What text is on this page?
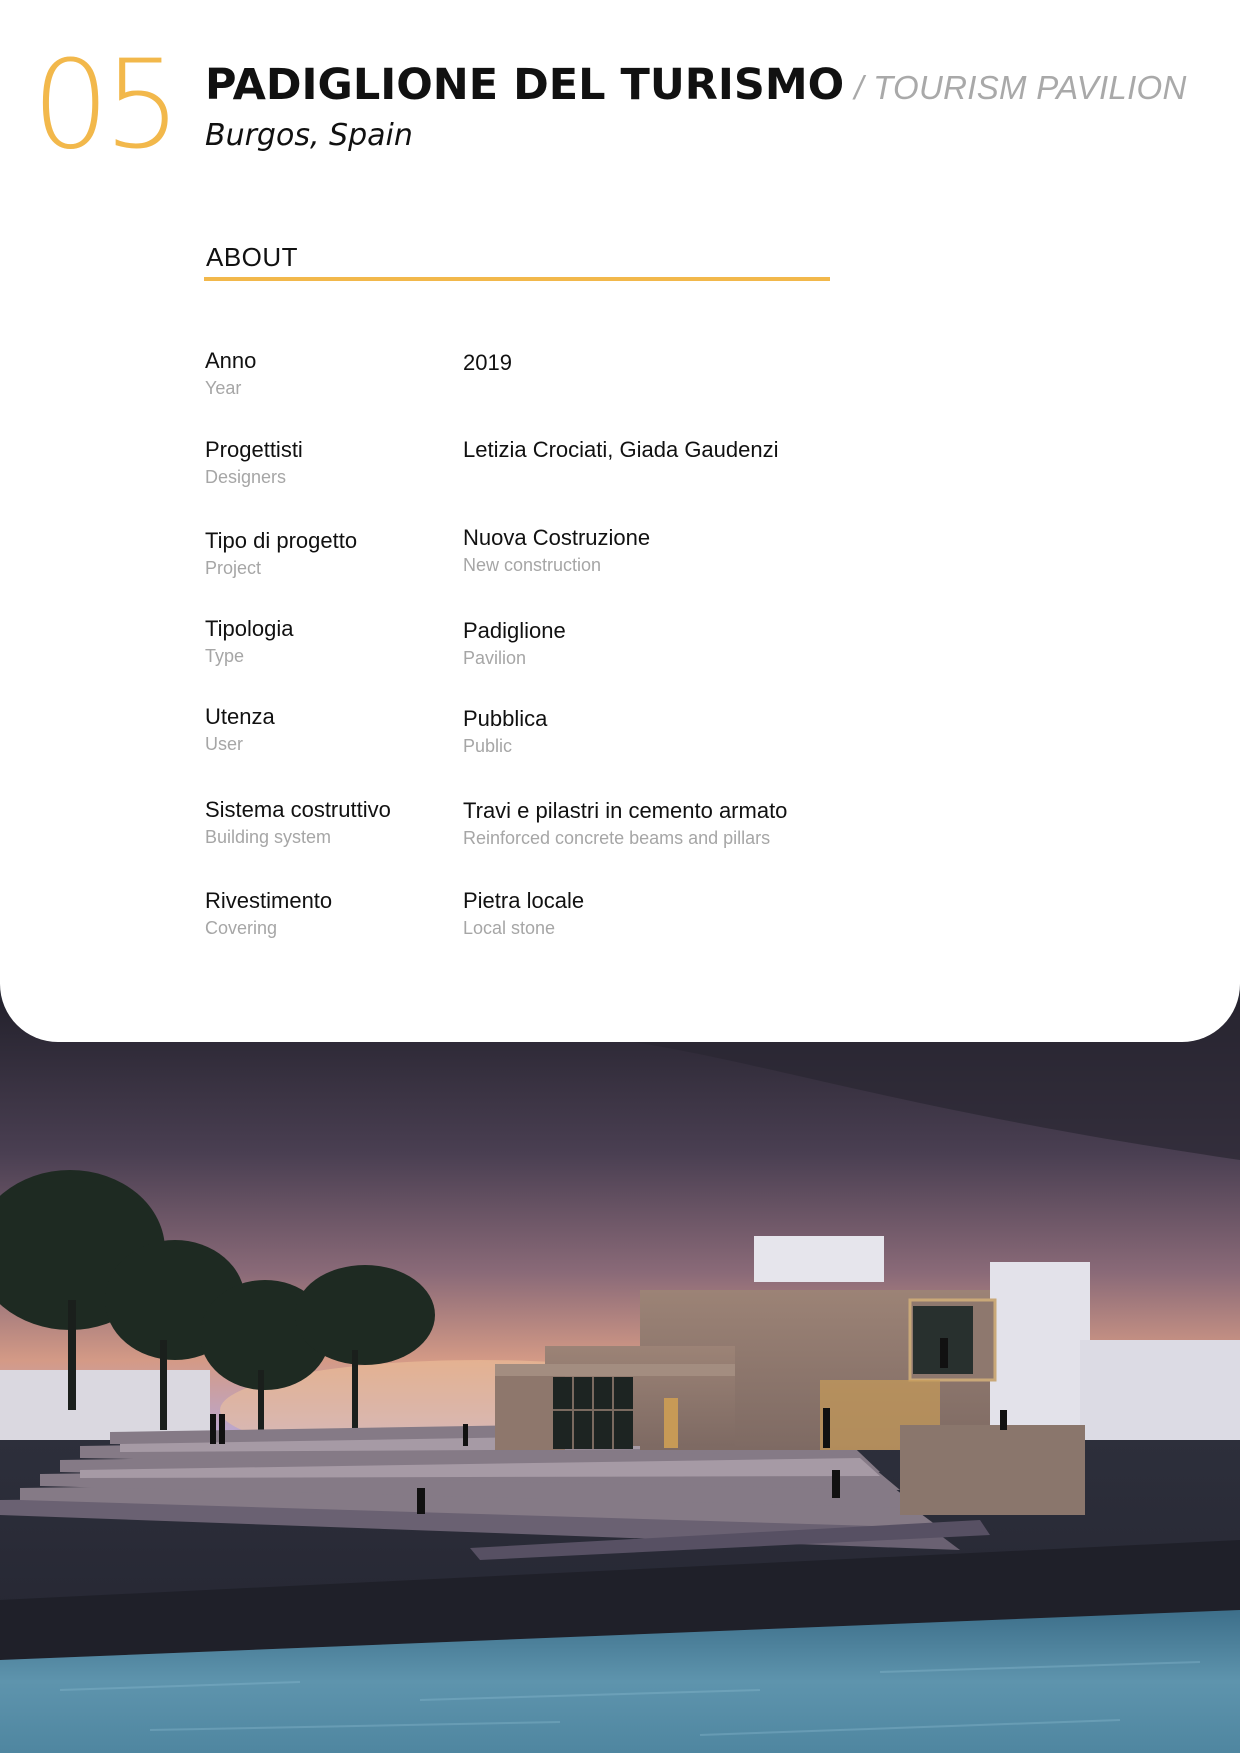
05 PADIGLIONE DEL TURISMO / TOURISM PAVILION
Burgos, Spain
ABOUT
Anno
Year
2019
Progettisti
Designers
Letizia Crociati, Giada Gaudenzi
Tipo di progetto
Project
Nuova Costruzione
New construction
Tipologia
Type
Padiglione
Pavilion
Utenza
User
Pubblica
Public
Sistema costruttivo
Building system
Travi e pilastri in cemento armato
Reinforced concrete beams and pillars
Rivestimento
Covering
Pietra locale
Local stone
